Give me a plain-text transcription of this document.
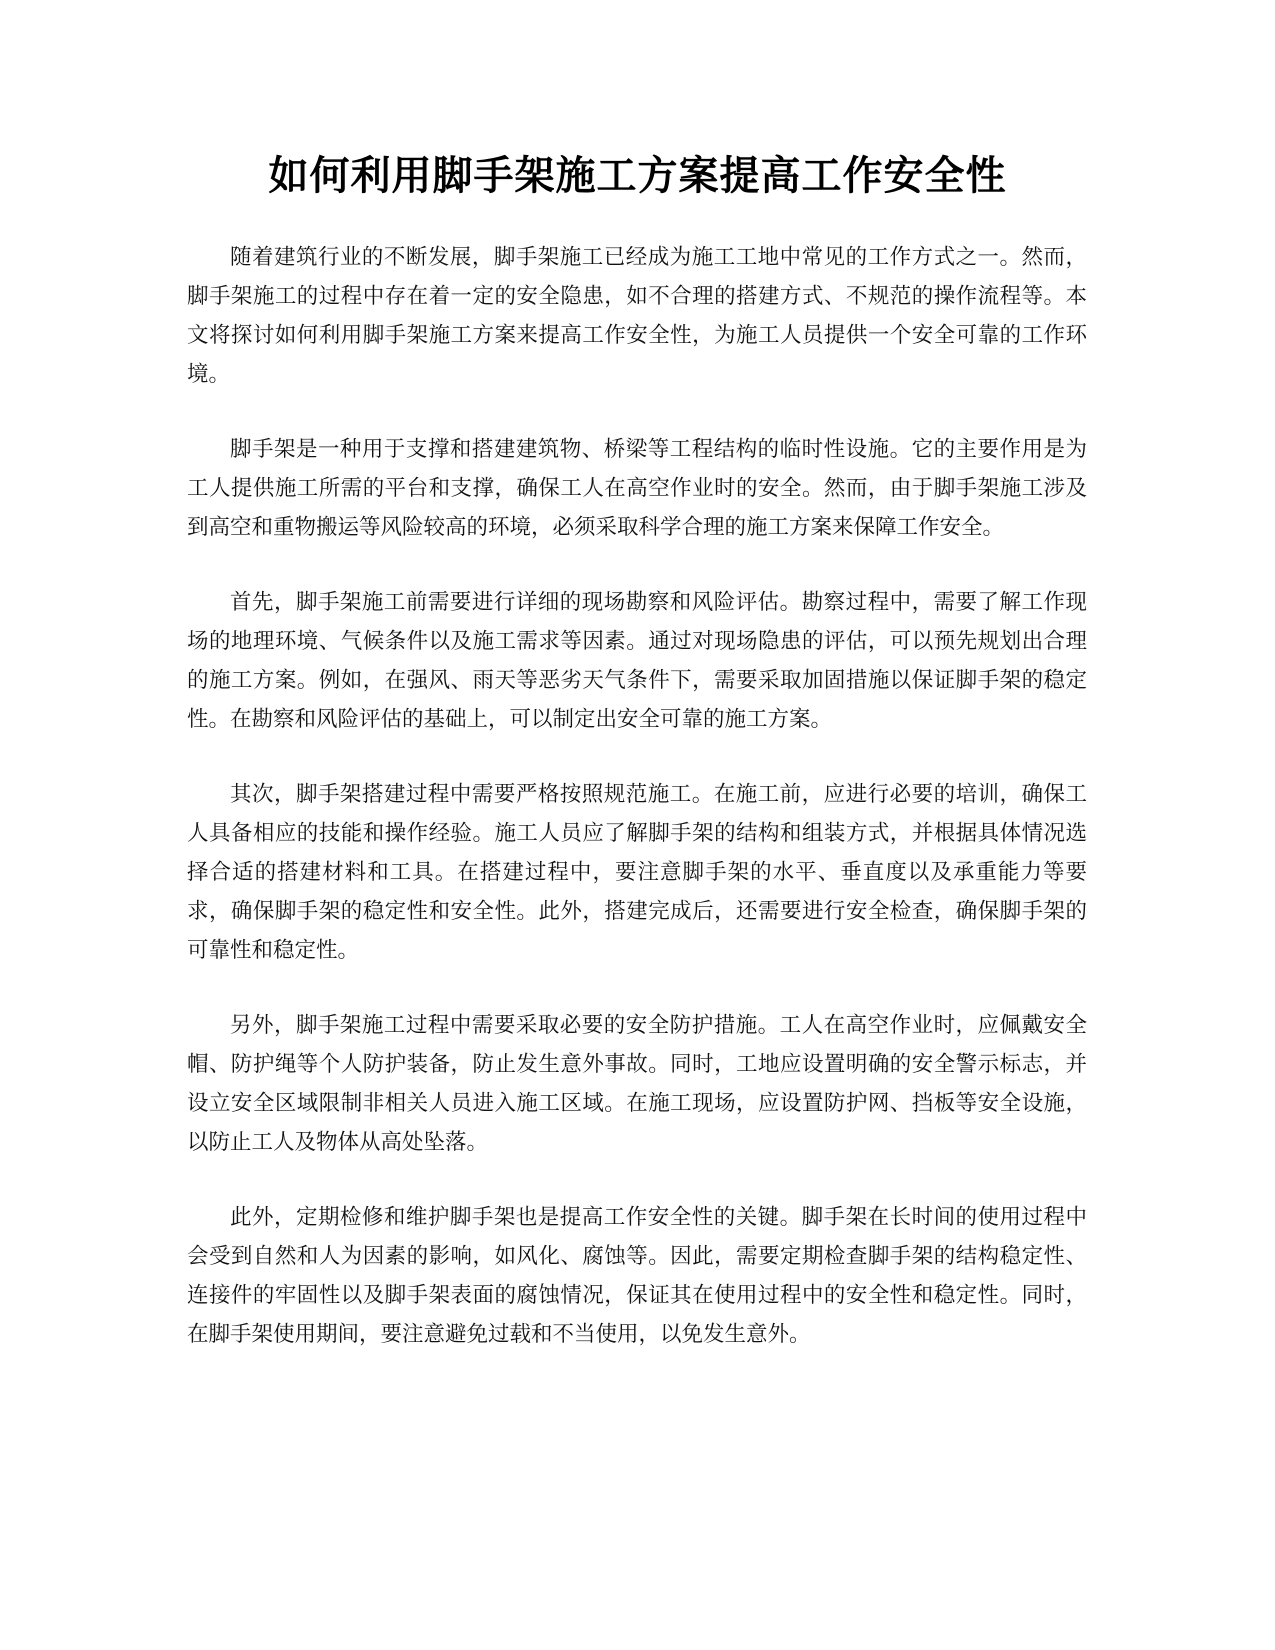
如何利用脚手架施工方案提高工作安全性

随着建筑行业的不断发展，脚手架施工已经成为施工工地中常见的工作方式之一。然而，脚手架施工的过程中存在着一定的安全隐患，如不合理的搭建方式、不规范的操作流程等。本文将探讨如何利用脚手架施工方案来提高工作安全性，为施工人员提供一个安全可靠的工作环境。

脚手架是一种用于支撑和搭建建筑物、桥梁等工程结构的临时性设施。它的主要作用是为工人提供施工所需的平台和支撑，确保工人在高空作业时的安全。然而，由于脚手架施工涉及到高空和重物搬运等风险较高的环境，必须采取科学合理的施工方案来保障工作安全。

首先，脚手架施工前需要进行详细的现场勘察和风险评估。勘察过程中，需要了解工作现场的地理环境、气候条件以及施工需求等因素。通过对现场隐患的评估，可以预先规划出合理的施工方案。例如，在强风、雨天等恶劣天气条件下，需要采取加固措施以保证脚手架的稳定性。在勘察和风险评估的基础上，可以制定出安全可靠的施工方案。

其次，脚手架搭建过程中需要严格按照规范施工。在施工前，应进行必要的培训，确保工人具备相应的技能和操作经验。施工人员应了解脚手架的结构和组装方式，并根据具体情况选择合适的搭建材料和工具。在搭建过程中，要注意脚手架的水平、垂直度以及承重能力等要求，确保脚手架的稳定性和安全性。此外，搭建完成后，还需要进行安全检查，确保脚手架的可靠性和稳定性。

另外，脚手架施工过程中需要采取必要的安全防护措施。工人在高空作业时，应佩戴安全帽、防护绳等个人防护装备，防止发生意外事故。同时，工地应设置明确的安全警示标志，并设立安全区域限制非相关人员进入施工区域。在施工现场，应设置防护网、挡板等安全设施，以防止工人及物体从高处坠落。

此外，定期检修和维护脚手架也是提高工作安全性的关键。脚手架在长时间的使用过程中会受到自然和人为因素的影响，如风化、腐蚀等。因此，需要定期检查脚手架的结构稳定性、连接件的牢固性以及脚手架表面的腐蚀情况，保证其在使用过程中的安全性和稳定性。同时，在脚手架使用期间，要注意避免过载和不当使用，以免发生意外。
